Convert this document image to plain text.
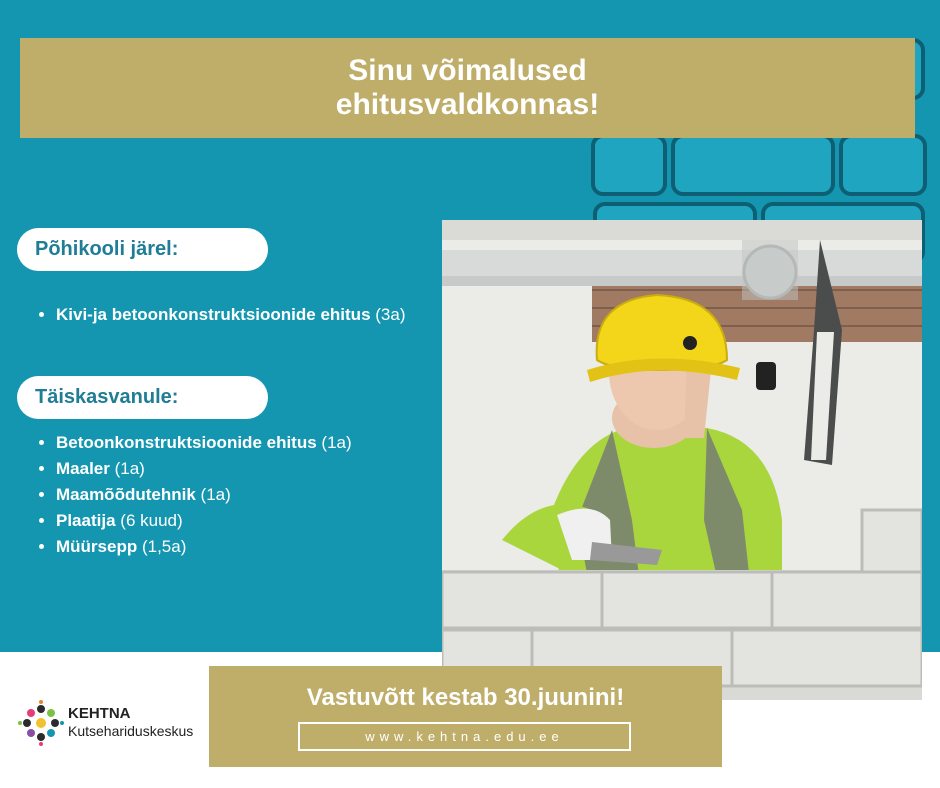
Sinu võimalused
ehitusvaldkonnas!
Põhikooli järel:
• Kivi-ja betoonkonstruktsioonide ehitus (3a)
Täiskasvanule:
• Betoonkonstruktsioonide ehitus (1a)
• Maaler (1a)
• Maamõõdutehnik (1a)
• Plaatija (6 kuud)
• Müürsepp (1,5a)
Vastuvõtt kestab 30.juunini!
www.kehtna.edu.ee
KEHTNA
Kutsehariduskeskus
